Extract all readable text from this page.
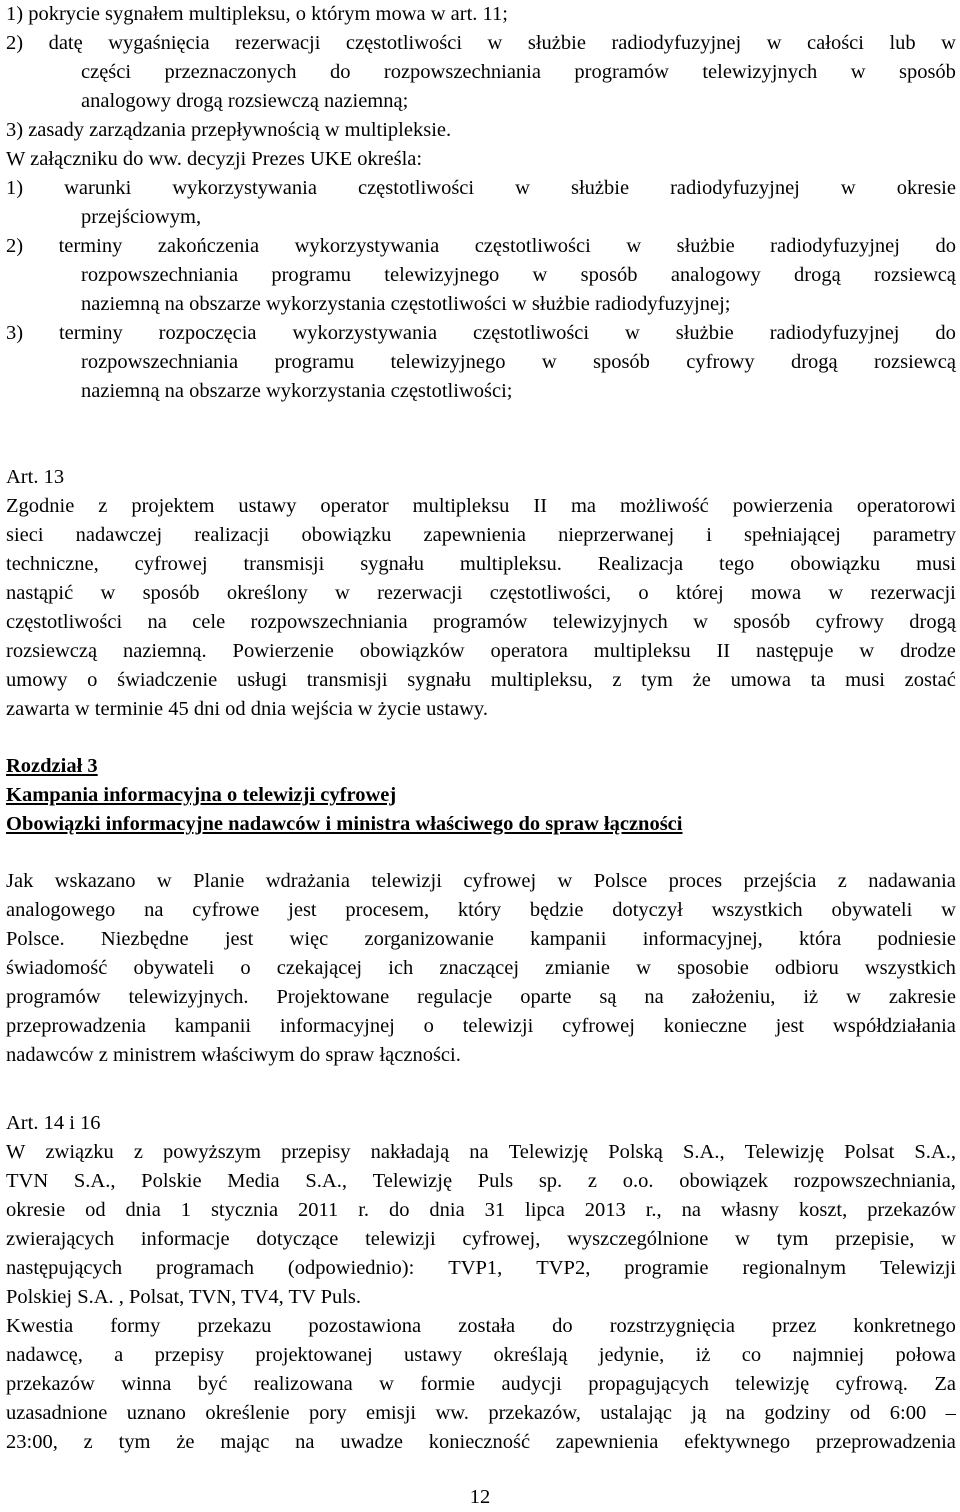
1) pokrycie sygnałem multipleksu, o którym mowa w art. 11;
2) datę wygaśnięcia rezerwacji częstotliwości w służbie radiodyfuzyjnej w całości lub w
części przeznaczonych do rozpowszechniania programów telewizyjnych w sposób
analogowy drogą rozsiewczą naziemną;
3) zasady zarządzania przepływnością w multipleksie.
W załączniku do ww. decyzji Prezes UKE określa:
1) warunki wykorzystywania częstotliwości w służbie radiodyfuzyjnej w okresie
przejściowym,
2) terminy zakończenia wykorzystywania częstotliwości w służbie radiodyfuzyjnej do
rozpowszechniania programu telewizyjnego w sposób analogowy drogą rozsiewcą
naziemną na obszarze wykorzystania częstotliwości w służbie radiodyfuzyjnej;
3) terminy rozpoczęcia wykorzystywania częstotliwości w służbie radiodyfuzyjnej do
rozpowszechniania programu telewizyjnego w sposób cyfrowy drogą rozsiewcą
naziemną na obszarze wykorzystania częstotliwości;
Art. 13
Zgodnie z projektem ustawy operator multipleksu II ma możliwość powierzenia operatorowi
sieci nadawczej realizacji obowiązku zapewnienia nieprzerwanej i spełniającej parametry
techniczne, cyfrowej transmisji sygnału multipleksu. Realizacja tego obowiązku musi
nastąpić w sposób określony w rezerwacji częstotliwości, o której mowa w rezerwacji
częstotliwości na cele rozpowszechniania programów telewizyjnych w sposób cyfrowy drogą
rozsiewczą naziemną. Powierzenie obowiązków operatora multipleksu II następuje w drodze
umowy o świadczenie usługi transmisji sygnału multipleksu, z tym że umowa ta musi zostać
zawarta w terminie 45 dni od dnia wejścia w życie ustawy.
Rozdział 3
Kampania informacyjna o telewizji cyfrowej
Obowiązki informacyjne nadawców i ministra właściwego do spraw łączności
Jak wskazano w Planie wdrażania telewizji cyfrowej w Polsce proces przejścia z nadawania
analogowego na cyfrowe jest procesem, który będzie dotyczył wszystkich obywateli w
Polsce. Niezbędne jest więc zorganizowanie kampanii informacyjnej, która podniesie
świadomość obywateli o czekającej ich znaczącej zmianie w sposobie odbioru wszystkich
programów telewizyjnych. Projektowane regulacje oparte są na założeniu, iż w zakresie
przeprowadzenia kampanii informacyjnej o telewizji cyfrowej konieczne jest współdziałania
nadawców z ministrem właściwym do spraw łączności.
Art. 14 i 16
W związku z powyższym przepisy nakładają na Telewizję Polską S.A., Telewizję Polsat S.A.,
TVN S.A., Polskie Media S.A., Telewizję Puls sp. z o.o. obowiązek rozpowszechniania,
okresie od dnia 1 stycznia 2011 r. do dnia 31 lipca 2013 r., na własny koszt, przekazów
zwierających informacje dotyczące telewizji cyfrowej, wyszczególnione w tym przepisie, w
następujących programach (odpowiednio): TVP1, TVP2, programie regionalnym Telewizji
Polskiej S.A. , Polsat, TVN, TV4, TV Puls.
Kwestia formy przekazu pozostawiona została do rozstrzygnięcia przez konkretnego
nadawcę, a przepisy projektowanej ustawy określają jedynie, iż co najmniej połowa
przekazów winna być realizowana w formie audycji propagujących telewizję cyfrową. Za
uzasadnione uznano określenie pory emisji ww. przekazów, ustalając ją na godziny od 6:00 –
23:00, z tym że mając na uwadze konieczność zapewnienia efektywnego przeprowadzenia
12
